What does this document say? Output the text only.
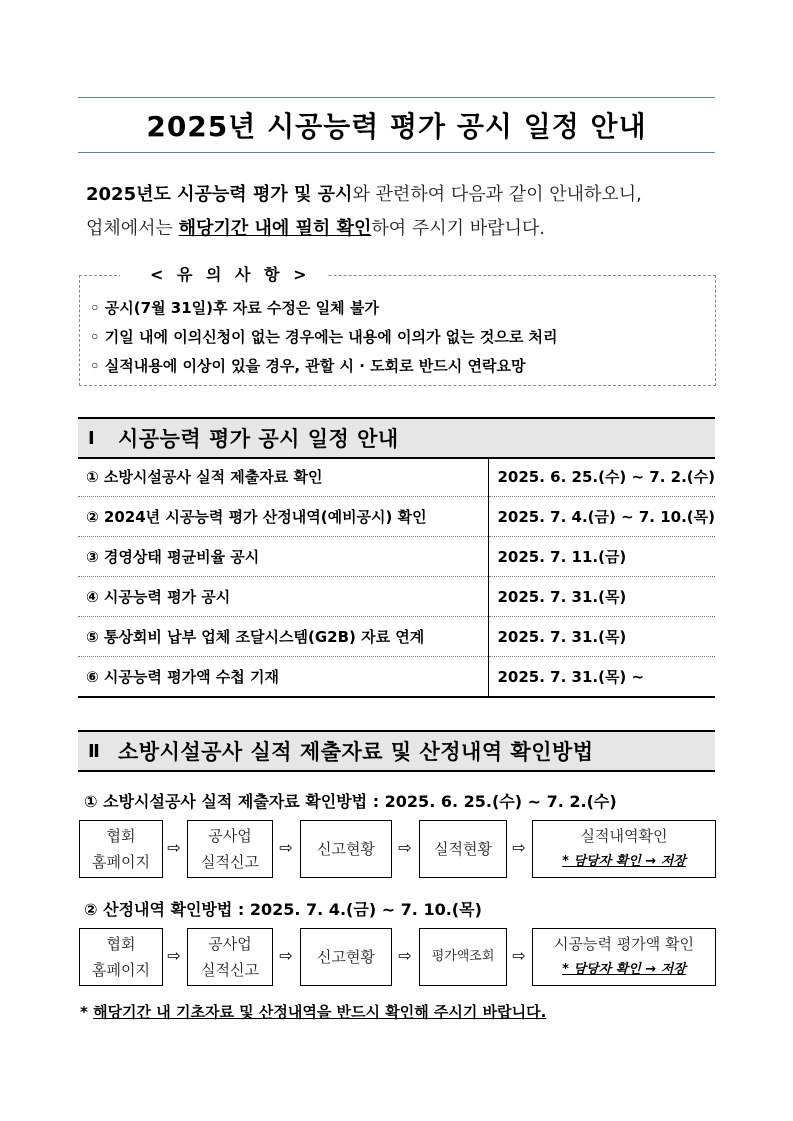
2025년 시공능력 평가 공시 일정 안내
2025년도 시공능력 평가 및 공시와 관련하여 다음과 같이 안내하오니,
업체에서는 해당기간 내에 필히 확인하여 주시기 바랍니다.
< 유 의 사 항 >
◦ 공시(7월 31일)후 자료 수정은 일체 불가
◦ 기일 내에 이의신청이 없는 경우에는 내용에 이의가 없는 것으로 처리
◦ 실적내용에 이상이 있을 경우, 관할 시 · 도회로 반드시 연락요망
Ⅰ	시공능력 평가 공시 일정 안내
① 소방시설공사 실적 제출자료 확인	2025. 6. 25.(수) ~ 7. 2.(수)
② 2024년 시공능력 평가 산정내역(예비공시) 확인	2025. 7. 4.(금) ~ 7. 10.(목)
③ 경영상태 평균비율 공시	2025. 7. 11.(금)
④ 시공능력 평가 공시	2025. 7. 31.(목)
⑤ 통상회비 납부 업체 조달시스템(G2B) 자료 연계	2025. 7. 31.(목)
⑥ 시공능력 평가액 수첩 기재	2025. 7. 31.(목) ~
Ⅱ 소방시설공사 실적 제출자료 및 산정내역 확인방법
① 소방시설공사 실적 제출자료 확인방법 : 2025. 6. 25.(수) ~ 7. 2.(수)
협회
홈페이지
⇨
공사업
실적신고
⇨ 신고현황 ⇨ 실적현황 ⇨
실적내역확인
* 담당자 확인 → 저장
② 산정내역 확인방법 : 2025. 7. 4.(금) ~ 7. 10.(목)
협회
홈페이지
⇨
공사업
실적신고
⇨ 신고현황 ⇨	평가액조회 ⇨
시공능력 평가액 확인
* 담당자 확인 → 저장
* 해당기간 내 기초자료 및 산정내역을 반드시 확인해 주시기 바랍니다.
